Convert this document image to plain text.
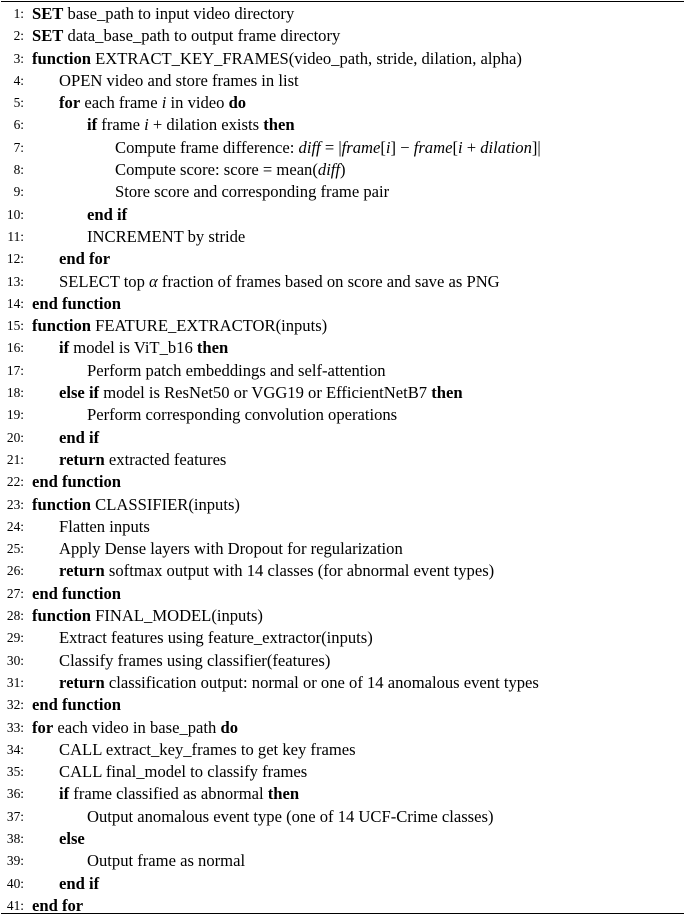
1: SET base_path to input video directory
2: SET data_base_path to output frame directory
3: function EXTRACT_KEY_FRAMES(video_path, stride, dilation, alpha)
4: OPEN video and store frames in list
5: for each frame i in video do
6:	if frame i + dilation exists then
7:	Compute frame difference: diff = |frame[i] − frame[i + dilation]|
8:	Compute score: score = mean(diff)
9:	Store score and corresponding frame pair
10:	end if
11:	INCREMENT by stride
12: end for
13: SELECT top α fraction of frames based on score and save as PNG
14: end function
15: function FEATURE_EXTRACTOR(inputs)
16: if model is ViT_b16 then
17:	Perform patch embeddings and self-attention
18: else if model is ResNet50 or VGG19 or EfficientNetB7 then
19:	Perform corresponding convolution operations
20: end if
21: return extracted features
22: end function
23: function CLASSIFIER(inputs)
24: Flatten inputs
25: Apply Dense layers with Dropout for regularization
26: return softmax output with 14 classes (for abnormal event types)
27: end function
28: function FINAL_MODEL(inputs)
29: Extract features using feature_extractor(inputs)
30: Classify frames using classifier(features)
31: return classification output: normal or one of 14 anomalous event types
32: end function
33: for each video in base_path do
34: CALL extract_key_frames to get key frames
35: CALL final_model to classify frames
36: if frame classified as abnormal then
37:	Output anomalous event type (one of 14 UCF-Crime classes)
38: else
39:	Output frame as normal
40: end if
41: end for
